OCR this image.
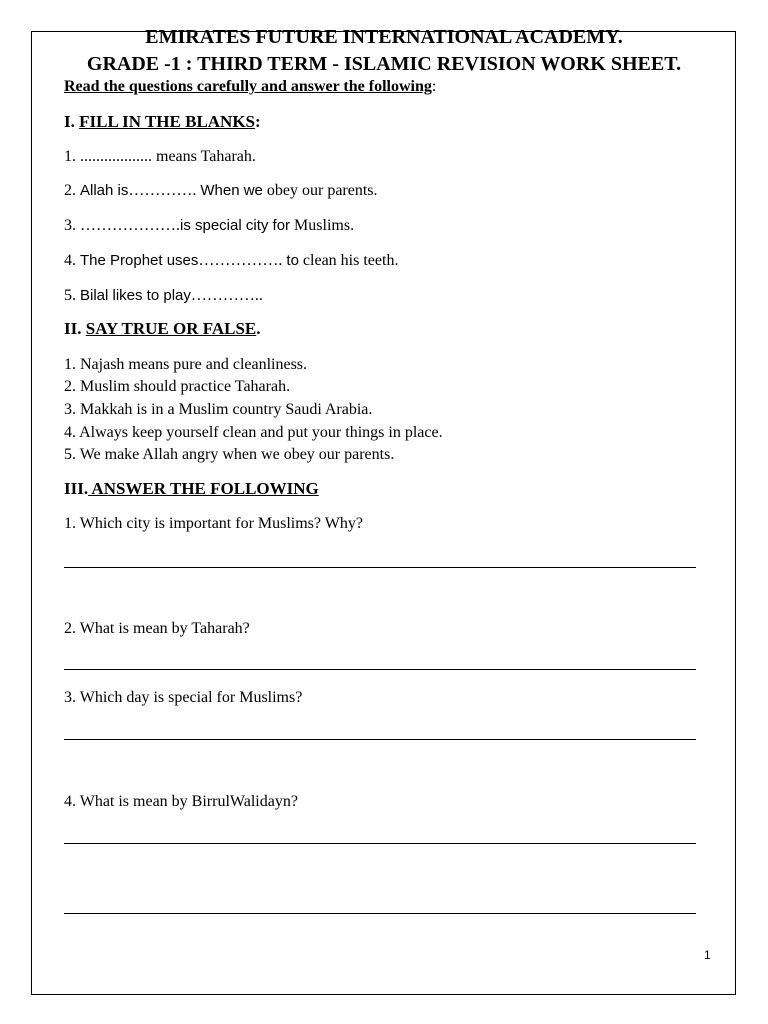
EMIRATES FUTURE INTERNATIONAL ACADEMY.
GRADE -1 : THIRD TERM - ISLAMIC REVISION WORK SHEET.
Read the questions carefully and answer the following:
I. FILL IN THE BLANKS:
1. .................. means Taharah.
2. Allah is…………. When we obey our parents.
3. ……………….is special city for Muslims.
4. The Prophet uses……………. to clean his teeth.
5. Bilal likes to play…………..
II. SAY TRUE OR FALSE.
1. Najash means pure and cleanliness.
2. Muslim should practice Taharah.
3. Makkah is in a Muslim country Saudi Arabia.
4. Always keep yourself clean and put your things in place.
5. We make Allah angry when we obey our parents.
III. ANSWER THE FOLLOWING
1. Which city is important for Muslims? Why?
2. What is mean by Taharah?
3. Which day is special for Muslims?
4. What is mean by BirrulWalidayn?
1
